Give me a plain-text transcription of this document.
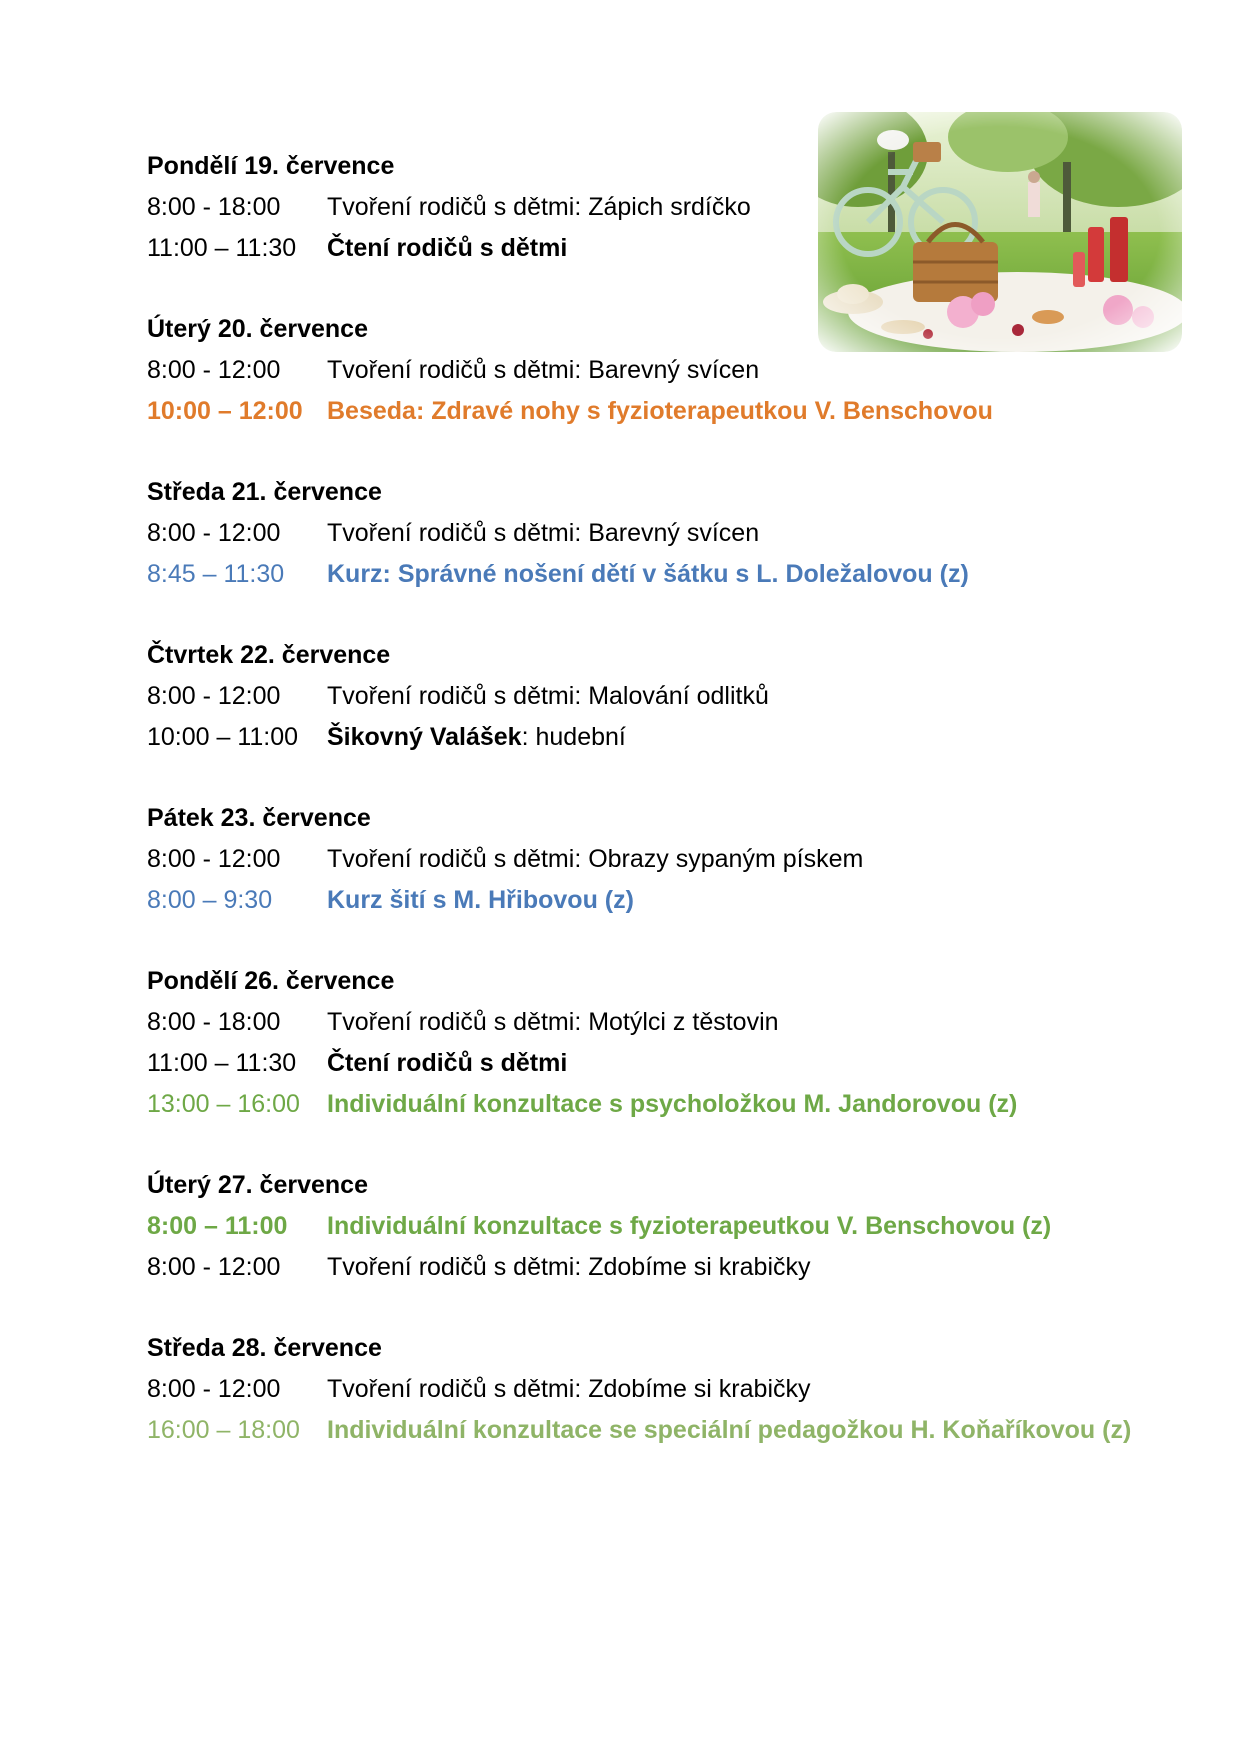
Pondělí 19. července
8:00 - 18:00	Tvoření rodičů s dětmi: Zápich srdíčko
11:00 – 11:30	Čtení rodičů s dětmi
Úterý 20. července
8:00 - 12:00	Tvoření rodičů s dětmi: Barevný svícen
10:00 – 12:00 Beseda: Zdravé nohy s fyzioterapeutkou V. Benschovou
Středa 21. července
8:00 - 12:00	Tvoření rodičů s dětmi: Barevný svícen
8:45 – 11:30	Kurz: Správné nošení dětí v šátku s L. Doležalovou (z)
Čtvrtek 22. července
8:00 - 12:00	Tvoření rodičů s dětmi: Malování odlitků
10:00 – 11:00	Šikovný Valášek: hudební
Pátek 23. července
8:00 - 12:00	Tvoření rodičů s dětmi: Obrazy sypaným pískem
8:00 – 9:30	Kurz šití s M. Hřibovou (z)
Pondělí 26. července
8:00 - 18:00	Tvoření rodičů s dětmi: Motýlci z těstovin
11:00 – 11:30	Čtení rodičů s dětmi
13:00 – 16:00	Individuální konzultace s psycholožkou M. Jandorovou (z)
Úterý 27. července
8:00 – 11:00	Individuální konzultace s fyzioterapeutkou V. Benschovou (z)
8:00 - 12:00	Tvoření rodičů s dětmi: Zdobíme si krabičky
Středa 28. července
8:00 - 12:00	Tvoření rodičů s dětmi: Zdobíme si krabičky
16:00 – 18:00	Individuální konzultace se speciální pedagožkou H. Koňaříkovou (z)
